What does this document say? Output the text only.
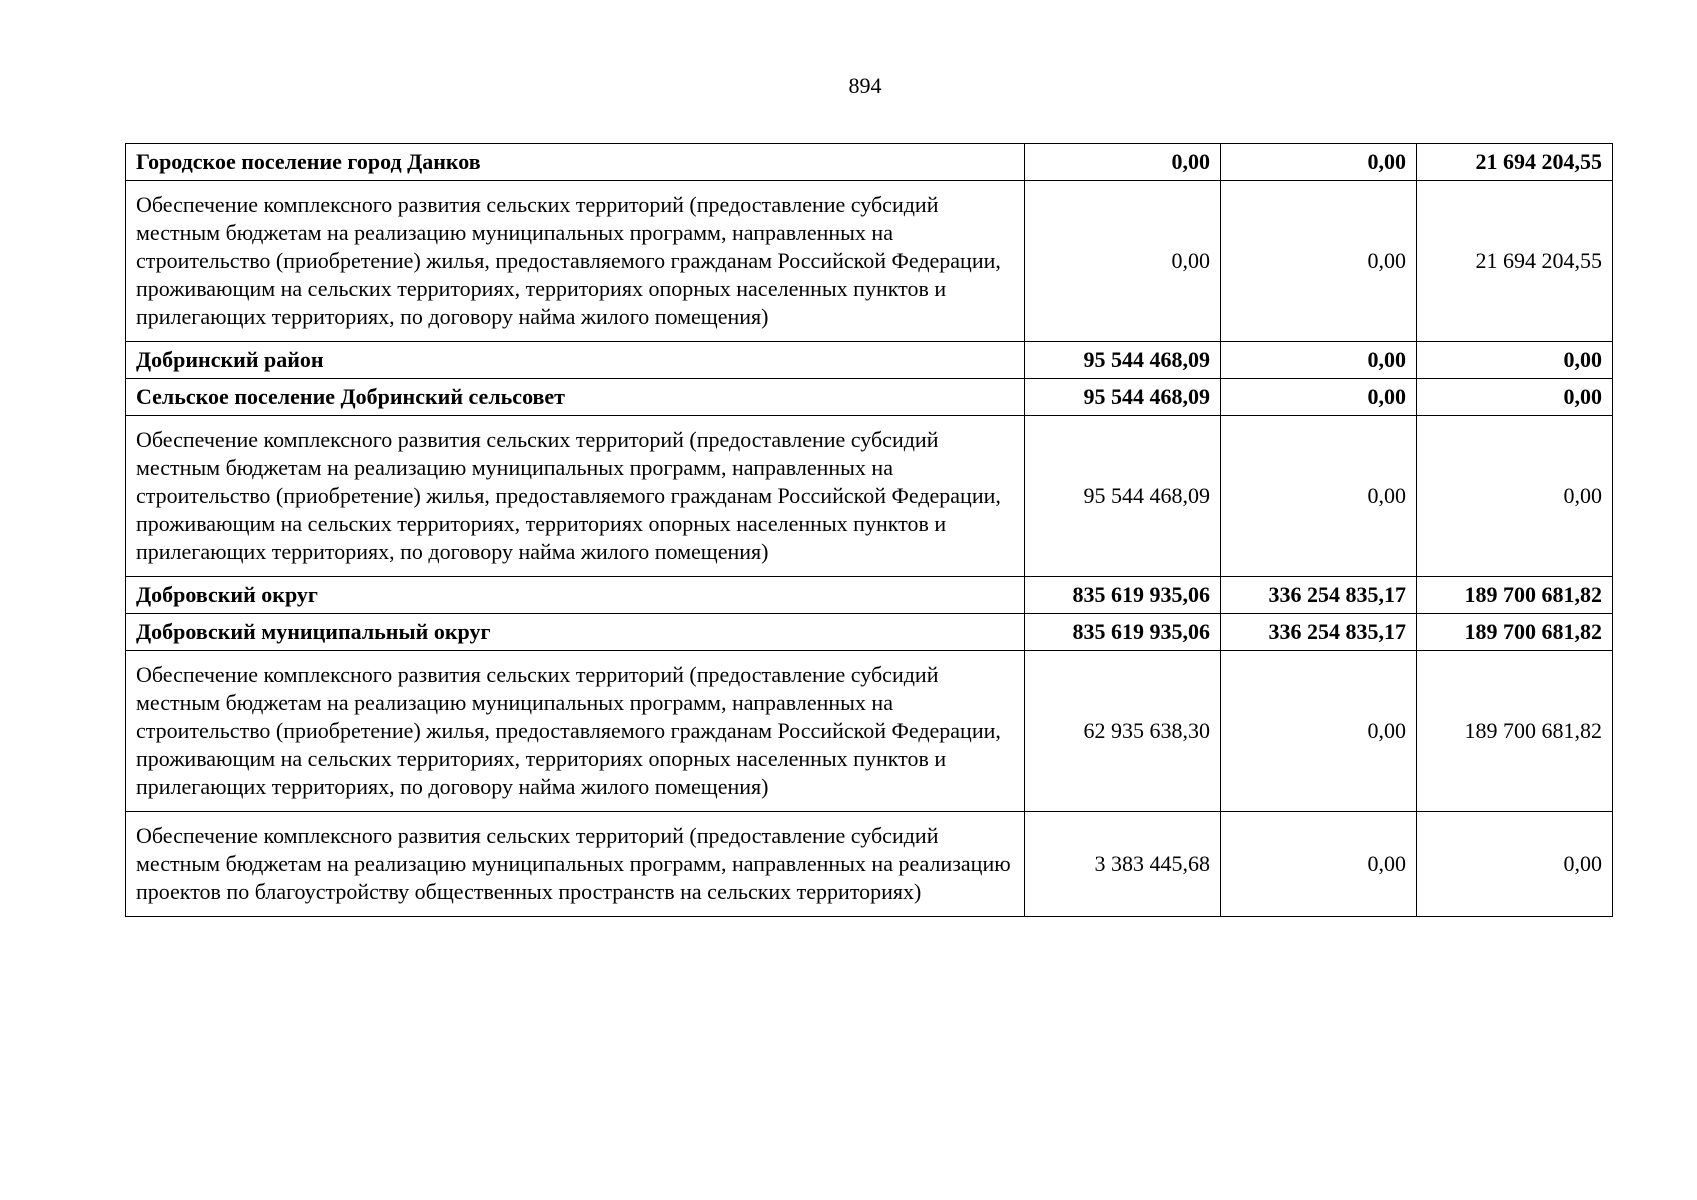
894
Городское поселение город Данков	0,00	0,00	21 694 204,55
Обеспечение комплексного развития сельских территорий (предоставление субсидий местным бюджетам на реализацию муниципальных программ, направленных на строительство (приобретение) жилья, предоставляемого гражданам Российской Федерации, проживающим на сельских территориях, территориях опорных населенных пунктов и прилегающих территориях, по договору найма жилого помещения)	0,00	0,00	21 694 204,55
Добринский район	95 544 468,09	0,00	0,00
Сельское поселение Добринский сельсовет	95 544 468,09	0,00	0,00
Обеспечение комплексного развития сельских территорий (предоставление субсидий местным бюджетам на реализацию муниципальных программ, направленных на строительство (приобретение) жилья, предоставляемого гражданам Российской Федерации, проживающим на сельских территориях, территориях опорных населенных пунктов и прилегающих территориях, по договору найма жилого помещения)	95 544 468,09	0,00	0,00
Добровский округ	835 619 935,06	336 254 835,17	189 700 681,82
Добровский муниципальный округ	835 619 935,06	336 254 835,17	189 700 681,82
Обеспечение комплексного развития сельских территорий (предоставление субсидий местным бюджетам на реализацию муниципальных программ, направленных на строительство (приобретение) жилья, предоставляемого гражданам Российской Федерации, проживающим на сельских территориях, территориях опорных населенных пунктов и прилегающих территориях, по договору найма жилого помещения)	62 935 638,30	0,00	189 700 681,82
Обеспечение комплексного развития сельских территорий (предоставление субсидий местным бюджетам на реализацию муниципальных программ, направленных на реализацию проектов по благоустройству общественных пространств на сельских территориях)	3 383 445,68	0,00	0,00
